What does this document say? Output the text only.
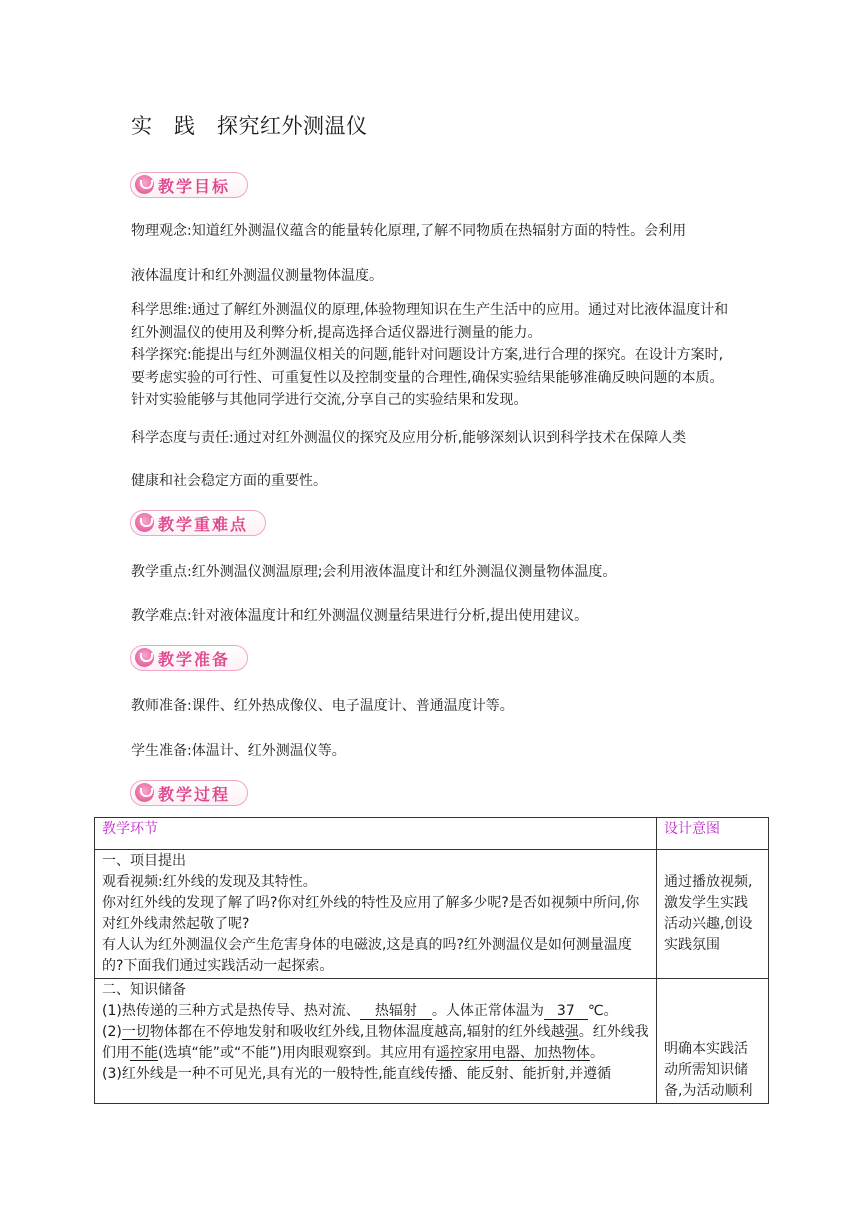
实　践　探究红外测温仪
教学目标
物理观念:知道红外测温仪蕴含的能量转化原理,了解不同物质在热辐射方面的特性。会利用
液体温度计和红外测温仪测量物体温度。
科学思维:通过了解红外测温仪的原理,体验物理知识在生产生活中的应用。通过对比液体温度计和红外测温仪的使用及利弊分析,提高选择合适仪器进行测量的能力。
科学探究:能提出与红外测温仪相关的问题,能针对问题设计方案,进行合理的探究。在设计方案时,要考虑实验的可行性、可重复性以及控制变量的合理性,确保实验结果能够准确反映问题的本质。针对实验能够与其他同学进行交流,分享自己的实验结果和发现。
科学态度与责任:通过对红外测温仪的探究及应用分析,能够深刻认识到科学技术在保障人类
健康和社会稳定方面的重要性。
教学重难点
教学重点:红外测温仪测温原理;会利用液体温度计和红外测温仪测量物体温度。
教学难点:针对液体温度计和红外测温仪测量结果进行分析,提出使用建议。
教学准备
教师准备:课件、红外热成像仪、电子温度计、普通温度计等。
学生准备:体温计、红外测温仪等。
教学过程
教学环节	设计意图

一、项目提出
观看视频:红外线的发现及其特性。
你对红外线的发现了解了吗?你对红外线的特性及应用了解多少呢?是否如视频中所问,你对红外线肃然起敬了呢?
有人认为红外测温仪会产生危害身体的电磁波,这是真的吗?红外测温仪是如何测量温度的?下面我们通过实践活动一起探索。	通过播放视频,激发学生实践活动兴趣,创设实践氛围

二、知识储备
(1)热传递的三种方式是热传导、热对流、 热辐射 。人体正常体温为 37 ℃。
(2)一切物体都在不停地发射和吸收红外线,且物体温度越高,辐射的红外线越强。红外线我们用不能(选填“能”或“不能”)用肉眼观察到。其应用有遥控家用电器、加热物体。
(3)红外线是一种不可见光,具有光的一般特性,能直线传播、能反射、能折射,并遵循	明确本实践活动所需知识储备,为活动顺利
